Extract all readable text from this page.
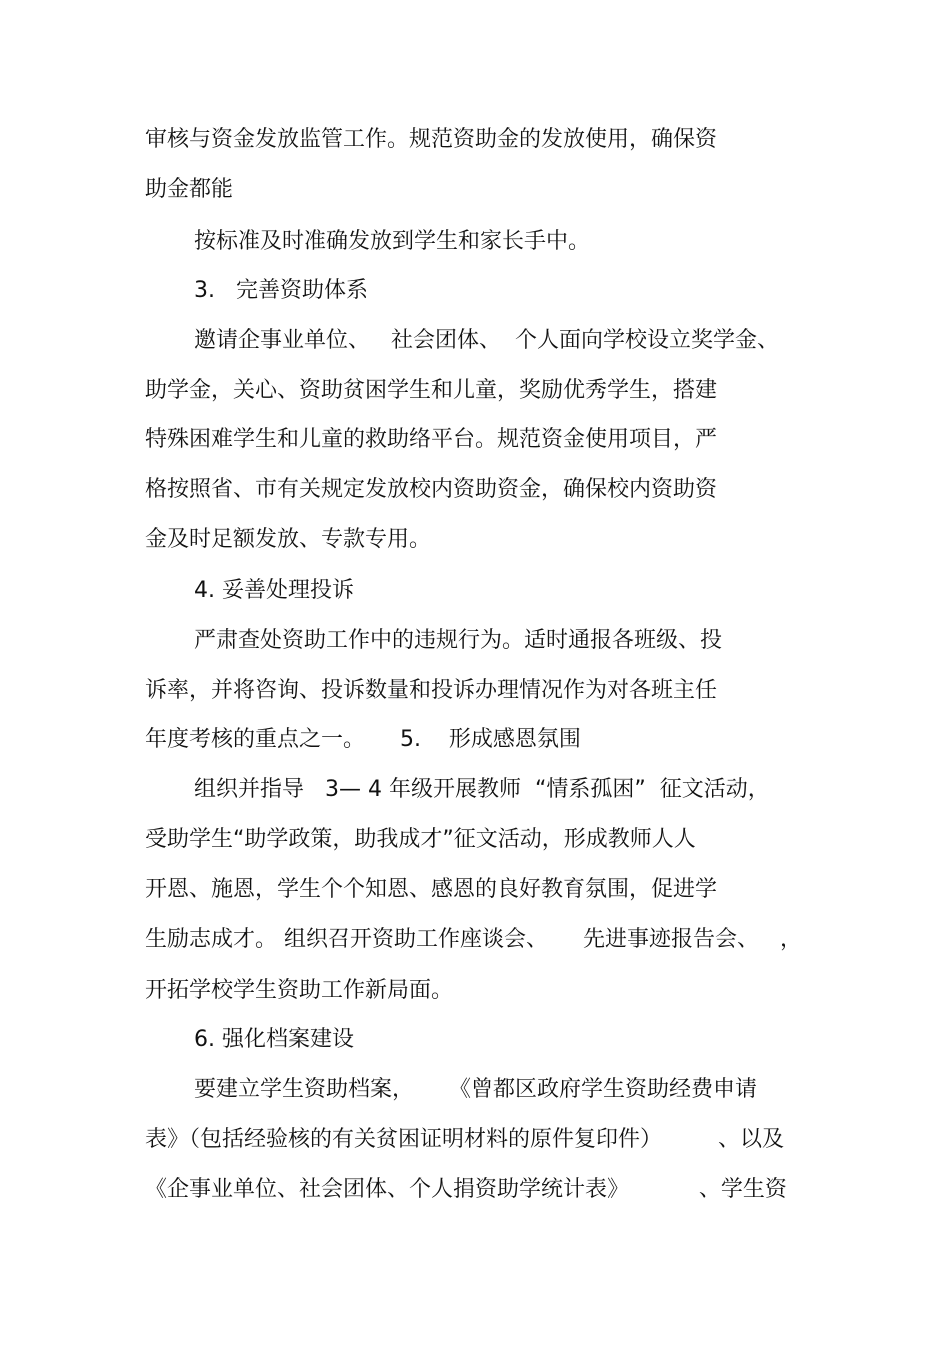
审核与资金发放监管工作。规范资助金的发放使用，确保资

助金都能

按标准及时准确发放到学生和家长手中。

3.   完善资助体系

邀请企事业单位、   社会团体、  个人面向学校设立奖学金、

助学金，关心、资助贫困学生和儿童，奖励优秀学生，搭建

特殊困难学生和儿童的救助络平台。规范资金使用项目，严

格按照省、市有关规定发放校内资助资金，确保校内资助资

金及时足额发放、专款专用。

4. 妥善处理投诉

严肃查处资助工作中的违规行为。适时通报各班级、投

诉率，并将咨询、投诉数量和投诉办理情况作为对各班主任

年度考核的重点之一。     5.    形成感恩氛围

组织并指导   3— 4 年级开展教师  “情系孤困”  征文活动，

受助学生“助学政策，助我成才”征文活动，形成教师人人

开恩、施恩，学生个个知恩、感恩的良好教育氛围，促进学

生励志成才。 组织召开资助工作座谈会、     先进事迹报告会、   ，

开拓学校学生资助工作新局面。

6. 强化档案建设

要建立学生资助档案，     《曾都区政府学生资助经费申请

表》（包括经验核的有关贫困证明材料的原件复印件）        、以及

《企事业单位、社会团体、个人捐资助学统计表》          、学生资
